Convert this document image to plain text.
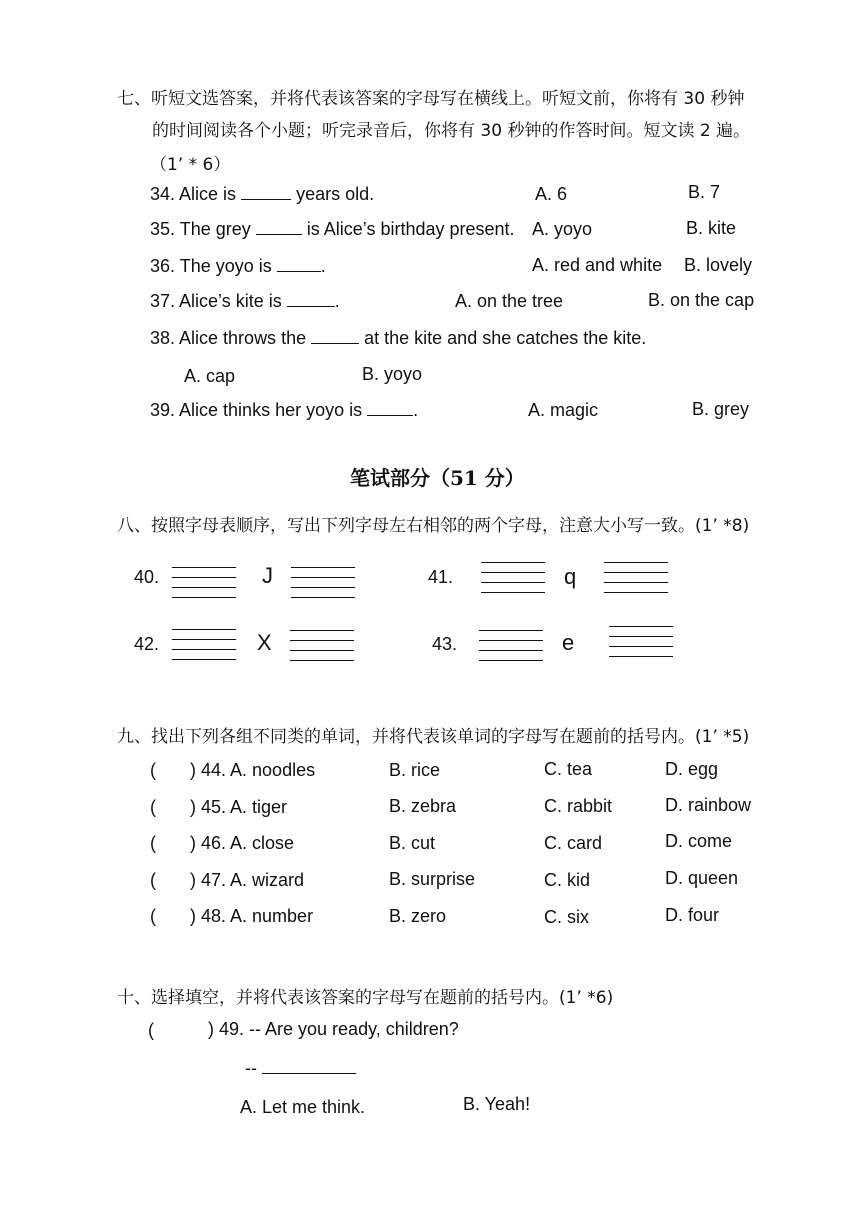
七、听短文选答案，并将代表该答案的字母写在横线上。听短文前，你将有 30 秒钟
的时间阅读各个小题；听完录音后，你将有 30 秒钟的作答时间。短文读 2 遍。
（1’ * 6）
34. Alice is	years old.	A. 6	B. 7
35. The grey	is Alice’s birthday present. A. yoyo	B. kite
36. The yoyo is	.	A. red and white B. lovely
37. Alice’s kite is	.	A. on the tree	B. on the cap
38. Alice throws the	at the kite and she catches the kite.
A. cap	B. yoyo
39. Alice thinks her yoyo is	.	A. magic	B. grey
笔试部分（51 分）
八、按照字母表顺序，写出下列字母左右相邻的两个字母，注意大小写一致。(1’ *8)
40.	J	41.	q
42.	X	43.	e
九、找出下列各组不同类的单词，并将代表该单词的字母写在题前的括号内。(1’ *5)
( ) 44. A. noodles	B. rice	C. tea	D. egg
( ) 45. A. tiger	B. zebra	C. rabbit	D. rainbow
( ) 46. A. close	B. cut	C. card	D. come
( ) 47. A. wizard	B. surprise	C. kid	D. queen
( ) 48. A. number	B. zero	C. six	D. four
十、选择填空，并将代表该答案的字母写在题前的括号内。(1’ *6)
(	) 49. -- Are you ready, children?
--
A. Let me think.	B. Yeah!
